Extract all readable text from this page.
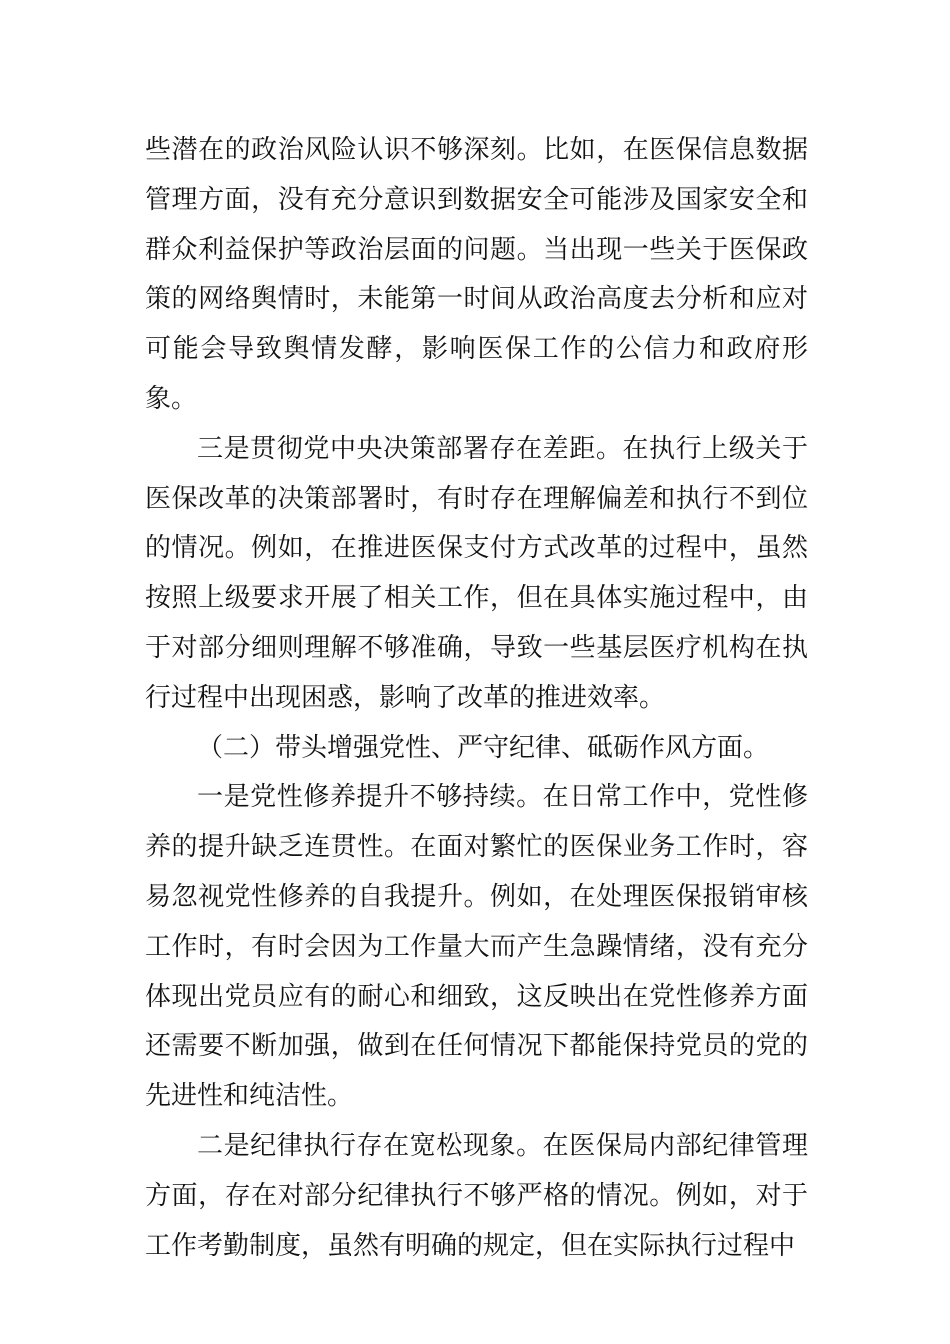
些潜在的政治风险认识不够深刻。比如，在医保信息数据管理方面，没有充分意识到数据安全可能涉及国家安全和群众利益保护等政治层面的问题。当出现一些关于医保政策的网络舆情时，未能第一时间从政治高度去分析和应对可能会导致舆情发酵，影响医保工作的公信力和政府形象。

三是贯彻党中央决策部署存在差距。在执行上级关于医保改革的决策部署时，有时存在理解偏差和执行不到位的情况。例如，在推进医保支付方式改革的过程中，虽然按照上级要求开展了相关工作，但在具体实施过程中，由于对部分细则理解不够准确，导致一些基层医疗机构在执行过程中出现困惑，影响了改革的推进效率。

（二）带头增强党性、严守纪律、砥砺作风方面。

一是党性修养提升不够持续。在日常工作中，党性修养的提升缺乏连贯性。在面对繁忙的医保业务工作时，容易忽视党性修养的自我提升。例如，在处理医保报销审核工作时，有时会因为工作量大而产生急躁情绪，没有充分体现出党员应有的耐心和细致，这反映出在党性修养方面还需要不断加强，做到在任何情况下都能保持党员的党的先进性和纯洁性。

二是纪律执行存在宽松现象。在医保局内部纪律管理方面，存在对部分纪律执行不够严格的情况。例如，对于工作考勤制度，虽然有明确的规定，但在实际执行过程中
